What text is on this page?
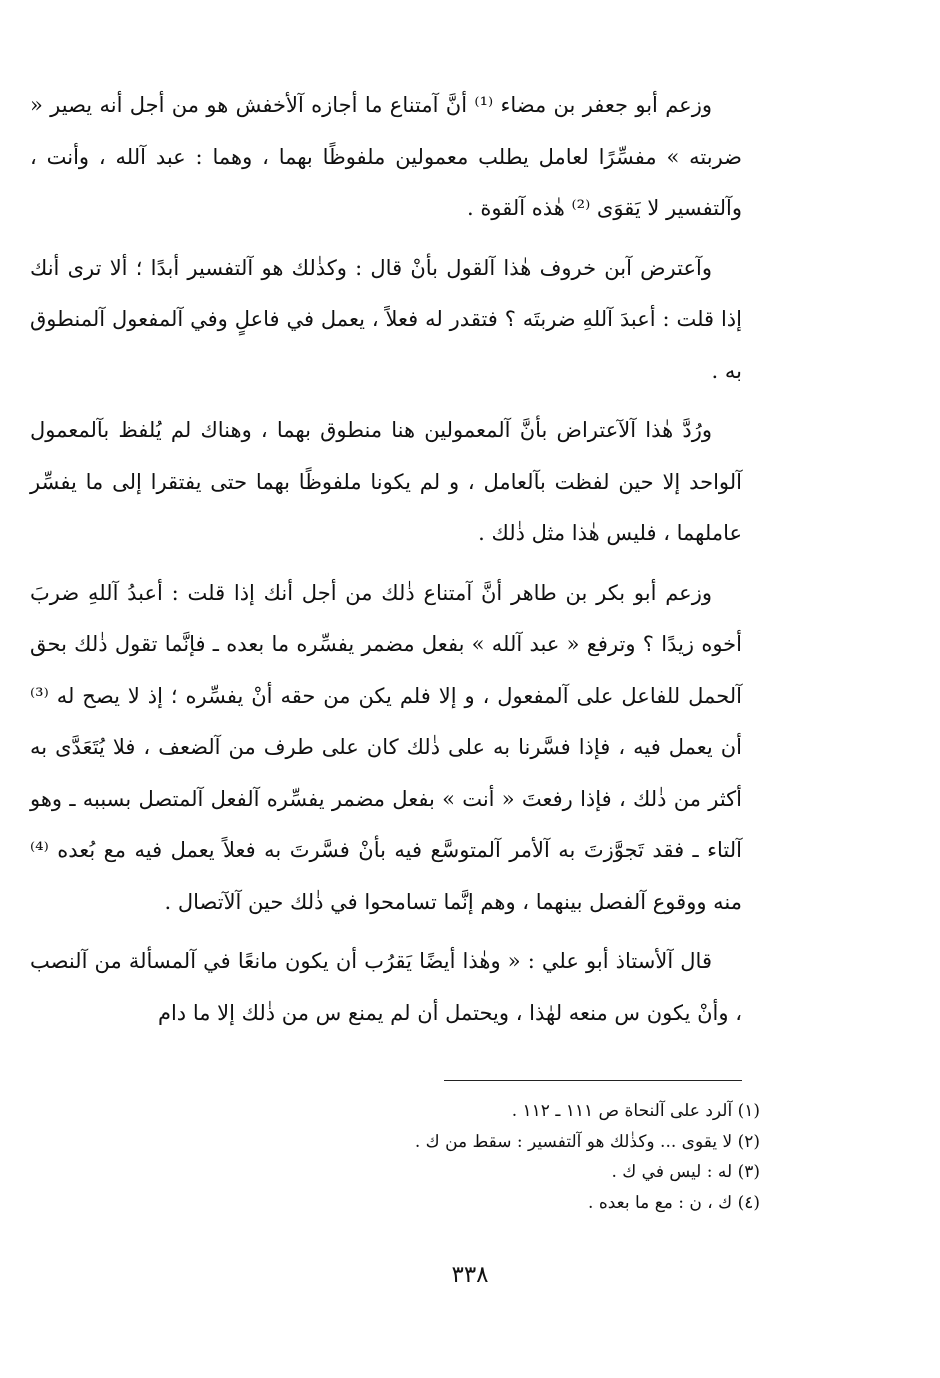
وزعم أبو جعفر بن مضاء ⁽¹⁾ أنَّ آمتناع ما أجازه آلأخفش هو من أجل أنه يصير « ضربته » مفسِّرًا لعامل يطلب معمولين ملفوظًا بهما ، وهما : عبد آلله ، وأنت ، وآلتفسير لا يَقوَى ⁽²⁾ هٰذه آلقوة .

وآعترض آبن خروف هٰذا آلقول بأنْ قال : وكذٰلك هو آلتفسير أبدًا ؛ ألا ترى أنك إذا قلت : أعبدَ آللهِ ضربتَه ؟ فتقدر له فعلاً ، يعمل في فاعلٍ وفي آلمفعول آلمنطوق به .

ورُدَّ هٰذا آلآعتراض بأنَّ آلمعمولين هنا منطوق بهما ، وهناك لم يُلفظ بآلمعمول آلواحد إلا حين لفظت بآلعامل ، و لم يكونا ملفوظًا بهما حتى يفتقرا إلى ما يفسِّر عاملهما ، فليس هٰذا مثل ذٰلك .

وزعم أبو بكر بن طاهر أنَّ آمتناع ذٰلك من أجل أنك إذا قلت : أعبدُ آللهِ ضربَ أخوه زيدًا ؟ وترفع « عبد آلله » بفعل مضمر يفسِّره ما بعده ـ فإنَّما تقول ذٰلك بحق آلحمل للفاعل على آلمفعول ، و إلا فلم يكن من حقه أنْ يفسِّره ؛ إذ لا يصح له ⁽³⁾ أن يعمل فيه ، فإذا فسَّرنا به على ذٰلك كان على طرف من آلضعف ، فلا يُتَعَدَّى به أكثر من ذٰلك ، فإذا رفعتَ « أنت » بفعل مضمر يفسِّره آلفعل آلمتصل بسببه ـ وهو آلتاء ـ فقد تَجوَّزتَ به آلأمر آلمتوسَّع فيه بأنْ فسَّرتَ به فعلاً يعمل فيه مع بُعده ⁽⁴⁾ منه ووقوع آلفصل بينهما ، وهم إنَّما تسامحوا في ذٰلك حين آلآتصال .

قال آلأستاذ أبو علي : « وهٰذا أيضًا يَقرُب أن يكون مانعًا في آلمسألة من آلنصب ، وأنْ يكون س منعه لهٰذا ، ويحتمل أن لم يمنع س من ذٰلك إلا ما دام

(١) آلرد على آلنحاة ص ١١١ ـ ١١٢ .
(٢) لا يقوى ... وكذٰلك هو آلتفسير : سقط من ك .
(٣) له : ليس في ك .
(٤) ك ، ن : مع ما بعده .
٣٣٨
